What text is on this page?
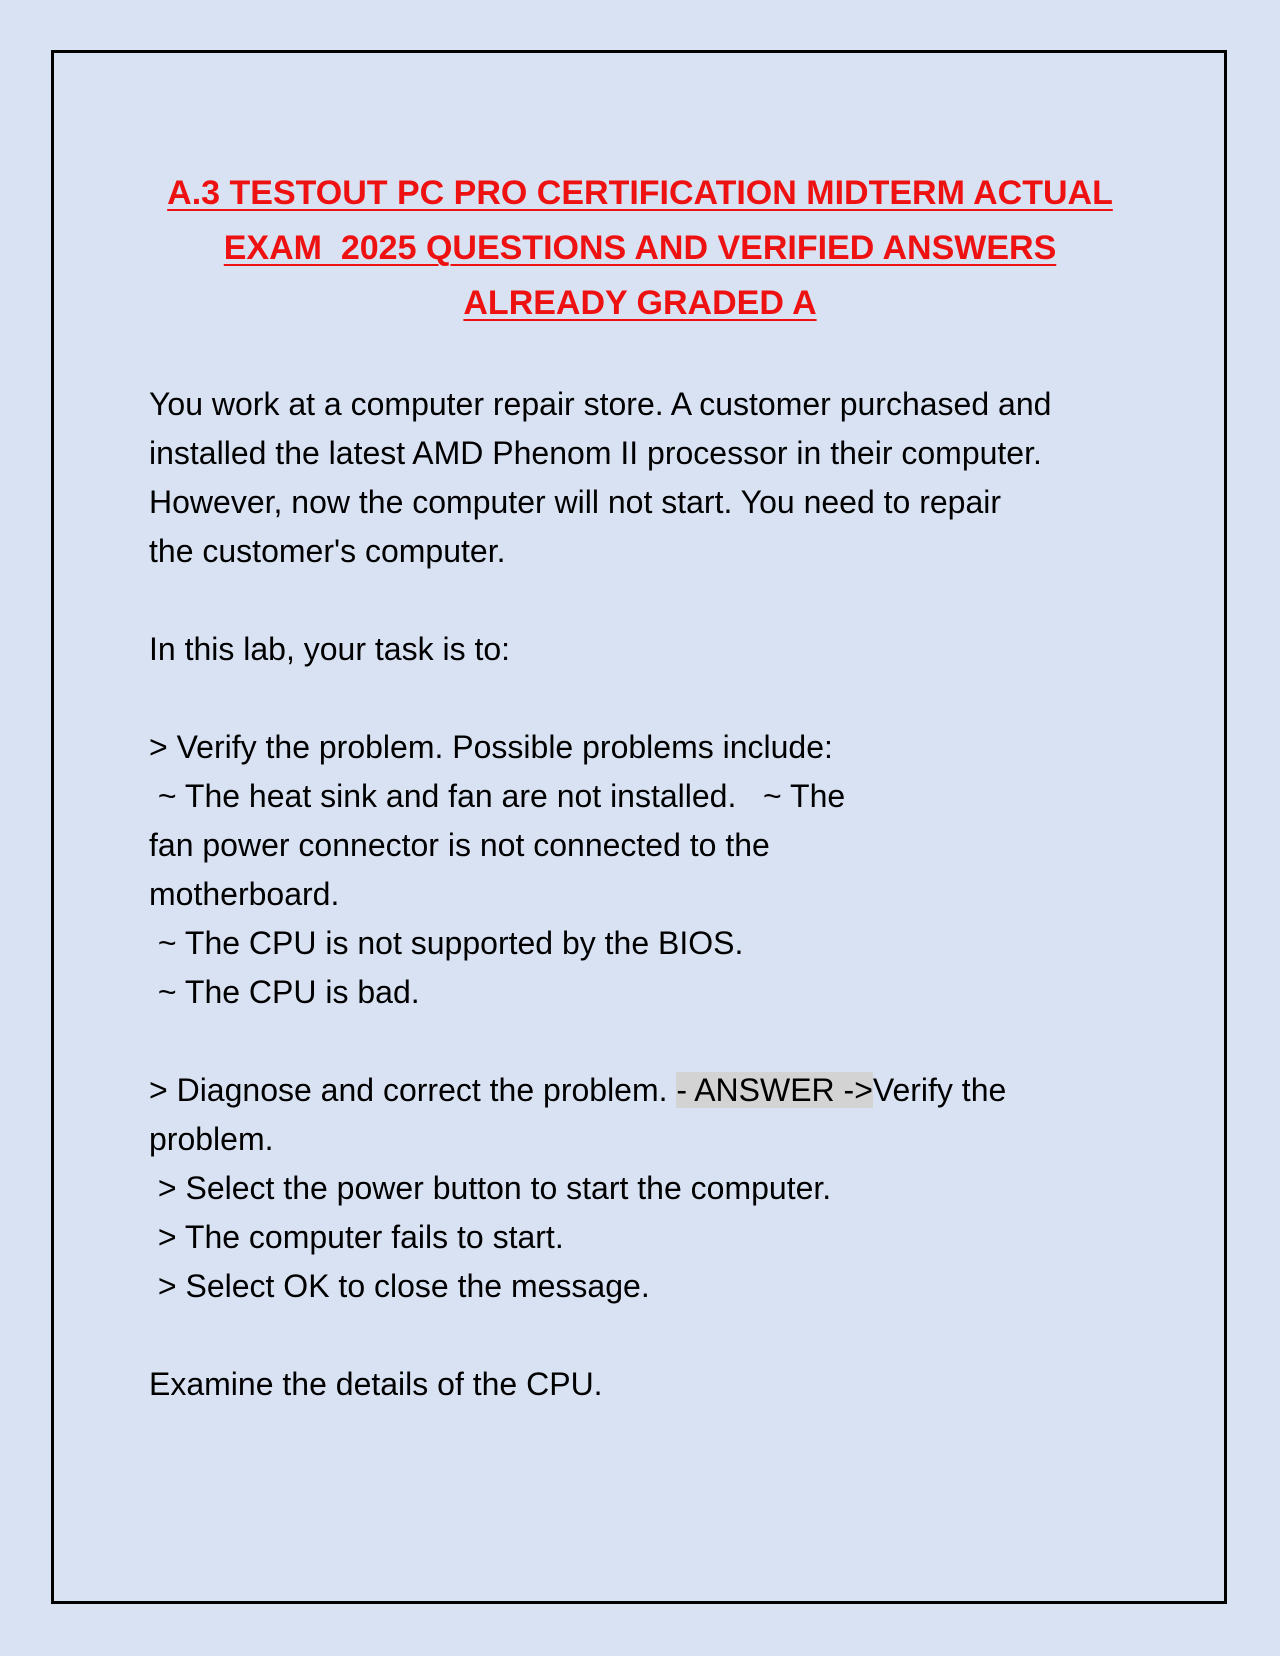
A.3 TESTOUT PC PRO CERTIFICATION MIDTERM ACTUAL
EXAM  2025 QUESTIONS AND VERIFIED ANSWERS
ALREADY GRADED A
You work at a computer repair store. A customer purchased and
installed the latest AMD Phenom II processor in their computer.
However, now the computer will not start. You need to repair
the customer's computer.
In this lab, your task is to:
> Verify the problem. Possible problems include:
~ The heat sink and fan are not installed.   ~ The
fan power connector is not connected to the
motherboard.
~ The CPU is not supported by the BIOS.
~ The CPU is bad.
> Diagnose and correct the problem. - ANSWER ->Verify the
problem.
> Select the power button to start the computer.
> The computer fails to start.
> Select OK to close the message.
Examine the details of the CPU.
